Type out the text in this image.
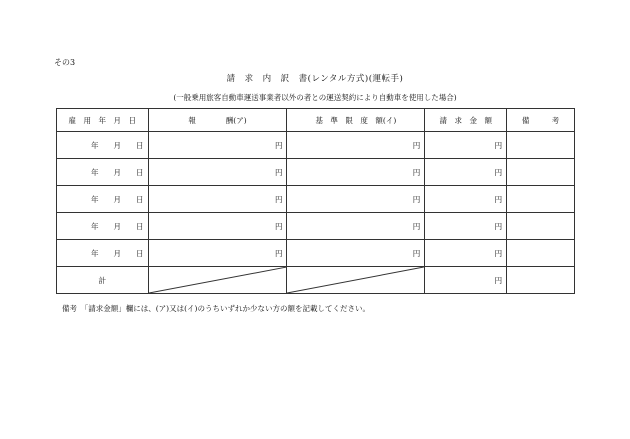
その3
請　求　内　訳　書(レンタル方式)(運転手)
(一般乗用旅客自動車運送事業者以外の者との運送契約により自動車を使用した場合)
雇　用　年　月　日	報　　　　酬(ア)	基　準　限　度　額(イ)	請　求　金　額	備　　　考
年　　月　　日	円	円	円	
年　　月　　日	円	円	円	
年　　月　　日	円	円	円	
年　　月　　日	円	円	円	
年　　月　　日	円	円	円	
計			円	
備考　「請求金額」欄には、(ア)又は(イ)のうちいずれか少ない方の額を記載してください。
